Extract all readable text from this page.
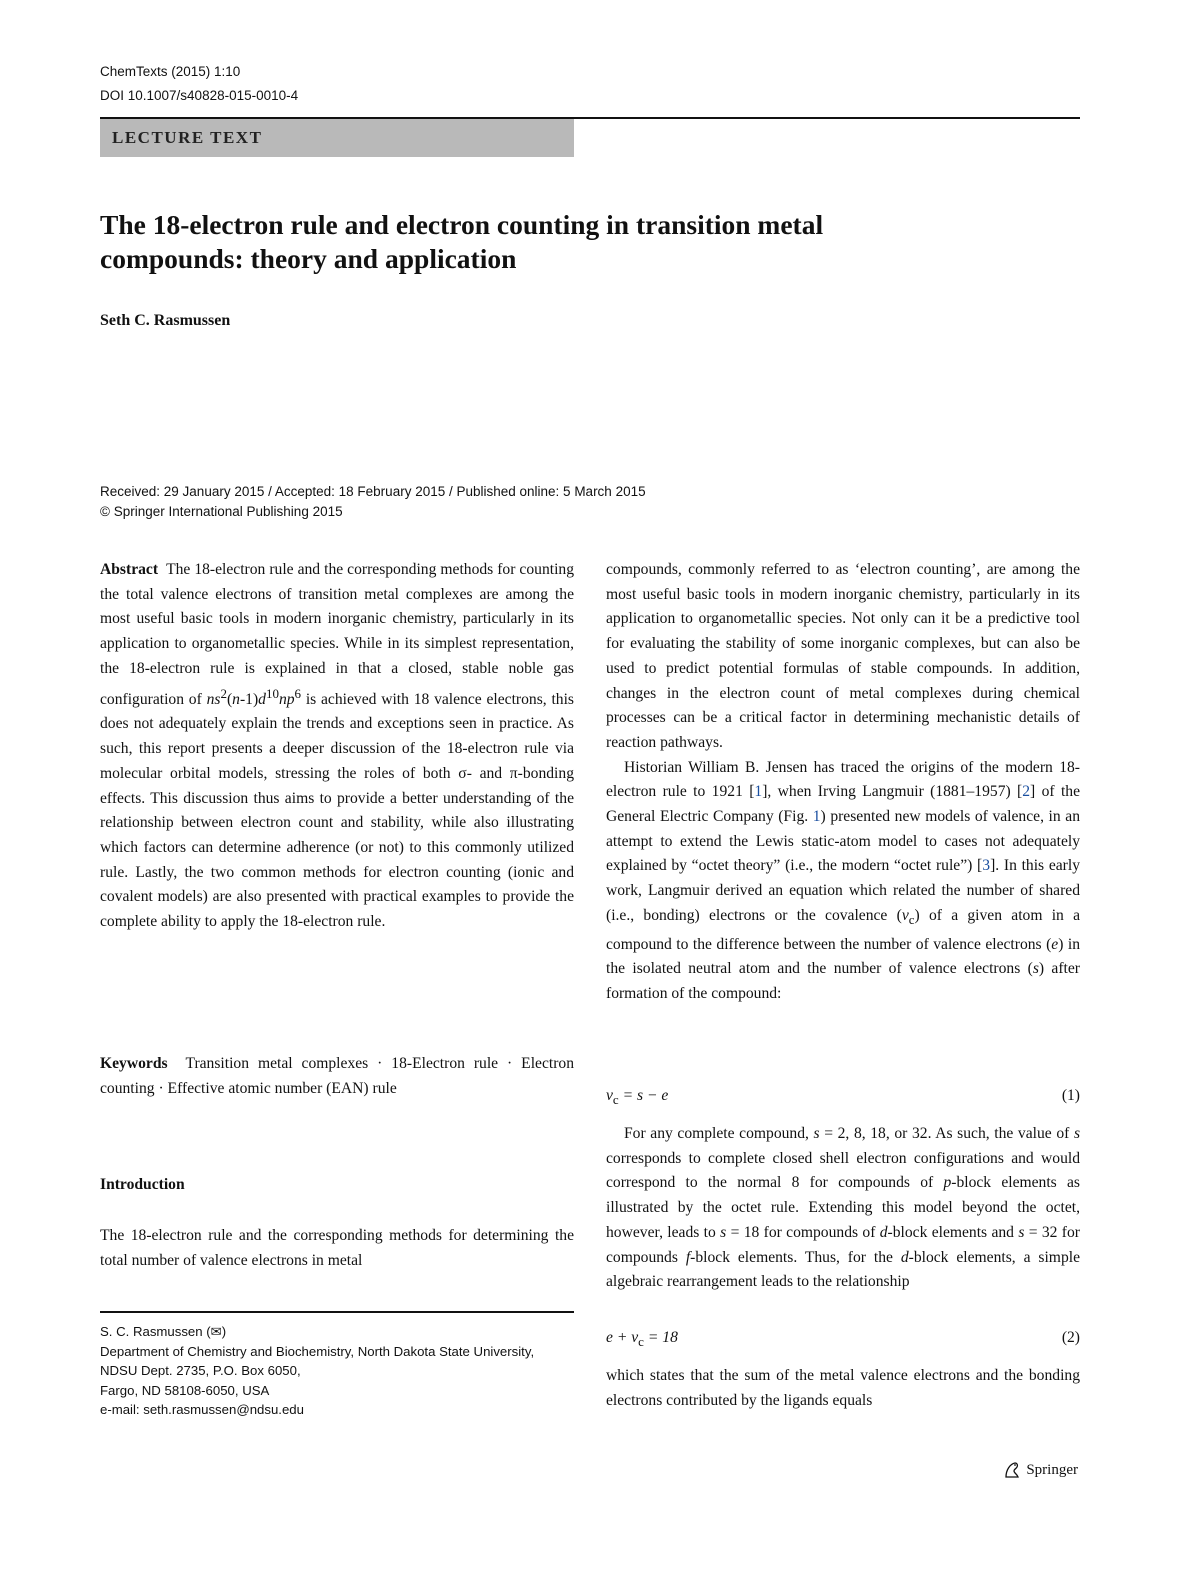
ChemTexts (2015) 1:10
DOI 10.1007/s40828-015-0010-4
LECTURE TEXT
The 18-electron rule and electron counting in transition metal
compounds: theory and application
Seth C. Rasmussen
Received: 29 January 2015 / Accepted: 18 February 2015 / Published online: 5 March 2015
© Springer International Publishing 2015

Abstract The 18-electron rule and the corresponding methods for counting the total valence electrons of transition metal complexes are among the most useful basic tools in modern inorganic chemistry, particularly in its application to organometallic species. While in its simplest representation, the 18-electron rule is explained in that a closed, stable noble gas configuration of $ns^2(n-1)d^{10}np^6$ is achieved with 18 valence electrons, this does not adequately explain the trends and exceptions seen in practice. As such, this report presents a deeper discussion of the 18-electron rule via molecular orbital models, stressing the roles of both σ- and π-bonding effects. This discussion thus aims to provide a better understanding of the relationship between electron count and stability, while also illustrating which factors can determine adherence (or not) to this commonly utilized rule. Lastly, the two common methods for electron counting (ionic and covalent models) are also presented with practical examples to provide the complete ability to apply the 18-electron rule.

Keywords Transition metal complexes · 18-Electron rule · Electron counting · Effective atomic number (EAN) rule

Introduction

The 18-electron rule and the corresponding methods for determining the total number of valence electrons in metal

S. C. Rasmussen (✉)
Department of Chemistry and Biochemistry, North Dakota State University, NDSU Dept. 2735, P.O. Box 6050,
Fargo, ND 58108-6050, USA
e-mail: seth.rasmussen@ndsu.edu

compounds, commonly referred to as ‘electron counting’, are among the most useful basic tools in modern inorganic chemistry, particularly in its application to organometallic species. Not only can it be a predictive tool for evaluating the stability of some inorganic complexes, but can also be used to predict potential formulas of stable compounds. In addition, changes in the electron count of metal complexes during chemical processes can be a critical factor in determining mechanistic details of reaction pathways.

Historian William B. Jensen has traced the origins of the modern 18-electron rule to 1921 [1], when Irving Langmuir (1881–1957) [2] of the General Electric Company (Fig. 1) presented new models of valence, in an attempt to extend the Lewis static-atom model to cases not adequately explained by “octet theory” (i.e., the modern “octet rule”) [3]. In this early work, Langmuir derived an equation which related the number of shared (i.e., bonding) electrons or the covalence $(v_c)$ of a given atom in a compound to the difference between the number of valence electrons (e) in the isolated neutral atom and the number of valence electrons (s) after formation of the compound:

$v_c = s - e$	(1)

For any complete compound, s = 2, 8, 18, or 32. As such, the value of s corresponds to complete closed shell electron configurations and would correspond to the normal 8 for compounds of p-block elements as illustrated by the octet rule. Extending this model beyond the octet, however, leads to s = 18 for compounds of d-block elements and s = 32 for compounds f-block elements. Thus, for the d-block elements, a simple algebraic rearrangement leads to the relationship

$e + v_c = 18$	(2)

which states that the sum of the metal valence electrons and the bonding electrons contributed by the ligands equals

Springer
